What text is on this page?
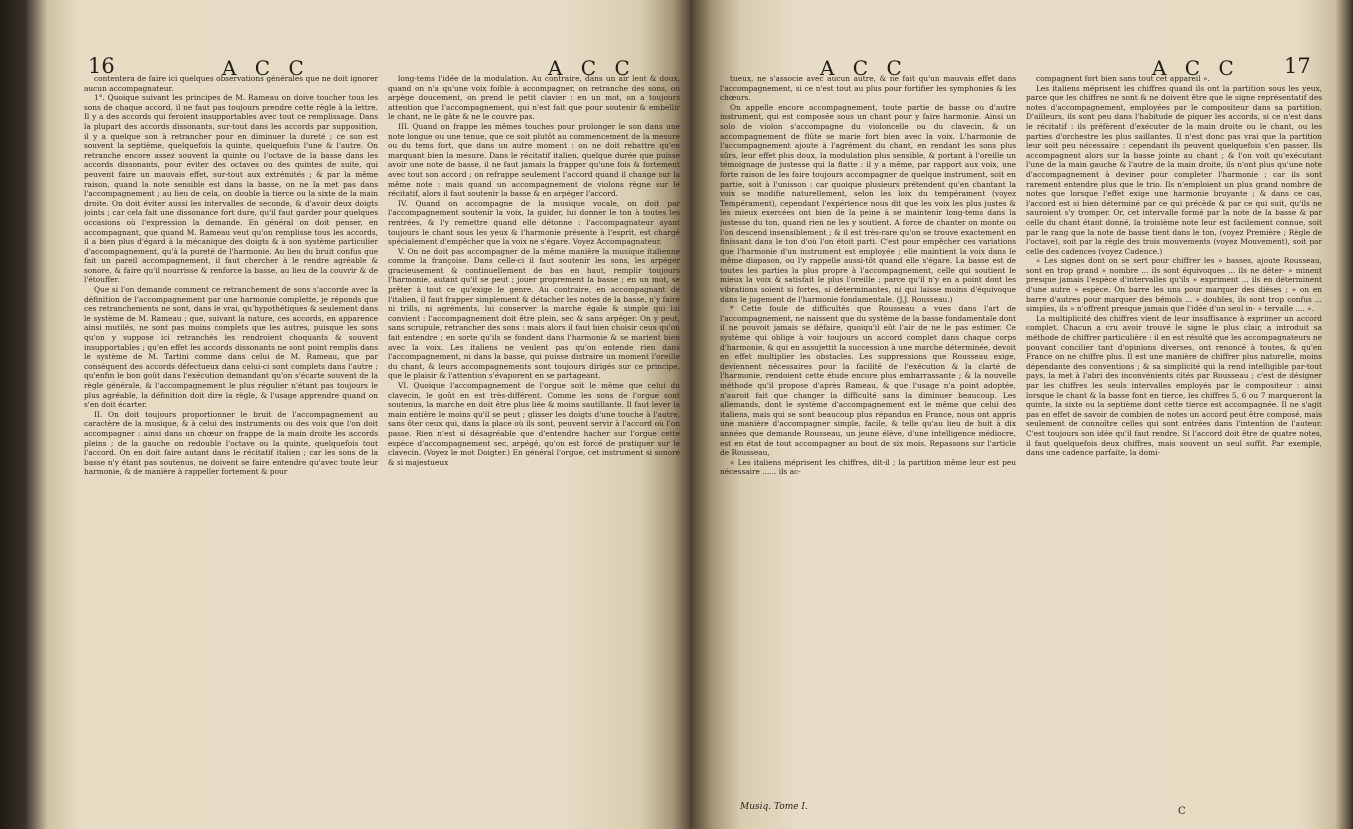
16	A C C	A C C

contentera de faire ici quelques observations générales que ne doit ignorer aucun accompagnateur.

1°. Quoique suivant les principes de M. Rameau on doive toucher tous les sons de chaque accord, il ne faut pas toujours prendre cette règle à la lettre. Il y a des accords qui feroient insupportables avec tout ce remplissage. Dans la plupart des accords dissonants, sur-tout dans les accords par supposition, il y a quelque son à retrancher pour en diminuer la dureté ; ce son est souvent la septième, quelquefois la quinte, quelquefois l'une & l'autre. On retranche encore assez souvent la quinte ou l'octave de la basse dans les accords dissonants, pour éviter des octaves ou des quintes de suite, qui peuvent faire un mauvais effet, sur-tout aux extrémités ; & par la même raison, quand la note sensible est dans la basse, on ne la met pas dans l'accompagnement ; au lieu de cela, on double la tierce ou la sixte de la main droite. On doit éviter aussi les intervalles de seconde, & d'avoir deux doigts joints ; car cela fait une dissonance fort dure, qu'il faut garder pour quelques occasions où l'expression la demande. En général on doit penser, en accompagnant, que quand M. Rameau veut qu'on remplisse tous les accords, il a bien plus d'égard à la mécanique des doigts & à son système particulier d'accompagnement, qu'à la pureté de l'harmonie. Au lieu du bruit confus que fait un pareil accompagnement, il faut chercher à le rendre agréable & sonore, & faire qu'il nourrisse & renforce la basse, au lieu de la couvrir & de l'étouffer.

Que si l'on demande comment ce retranchement de sons s'accorde avec la définition de l'accompagnement par une harmonie complette, je réponds que ces retranchements ne sont, dans le vrai, qu'hypothétiques & seulement dans le système de M. Rameau ; que, suivant la nature, ces accords, en apparence ainsi mutilés, ne sont pas moins complets que les autres, puisque les sons qu'on y suppose ici retranchés les rendroient choquants & souvent insupportables ; qu'en effet les accords dissonants ne sont point remplis dans le système de M. Tartini comme dans celui de M. Rameau, que par conséquent des accords défectueux dans celui-ci sont complets dans l'autre ; qu'enfin le bon goût dans l'exécution demandant qu'on s'écarte souvent de la règle générale, & l'accompagnement le plus régulier n'étant pas toujours le plus agréable, la définition doit dire la règle, & l'usage apprendre quand on s'en doit écarter.

II. On doit toujours proportionner le bruit de l'accompagnement au caractère de la musique, & à celui des instruments ou des voix que l'on doit accompagner : ainsi dans un chœur on frappe de la main droite les accords pleins ; de la gauche on redouble l'octave ou la quinte, quelquefois tout l'accord. On en doit faire autant dans le récitatif italien ; car les sons de la basse n'y étant pas soutenus, ne doivent se faire entendre qu'avec toute leur harmonie, & de manière à rappeller fortement & pour

long-tems l'idée de la modulation. Au contraire, dans un air lent & doux, quand on n'a qu'une voix foible à accompagner, on retranche des sons, on arpège doucement, on prend le petit clavier : en un mot, on a toujours attention que l'accompagnement, qui n'est fait que pour soutenir & embellir le chant, ne le gâte & ne le couvre pas.

III. Quand on frappe les mêmes touches pour prolonger le son dans une note longue ou une tenue, que ce soit plutôt au commencement de la mesure ou du tems fort, que dans un autre moment : on ne doit rebattre qu'en marquant bien la mesure. Dans le récitatif italien, quelque durée que puisse avoir une note de basse, il ne faut jamais la frapper qu'une fois & fortement avec tout son accord ; on refrappe seulement l'accord quand il change sur la même note : mais quand un accompagnement de violons règne sur le récitatif, alors il faut soutenir la basse & en arpéger l'accord.

IV. Quand on accompagne de la musique vocale, on doit par l'accompagnement soutenir la voix, la guider, lui donner le ton à toutes les rentrées, & l'y remettre quand elle détonne : l'accompagnateur ayant toujours le chant sous les yeux & l'harmonie présente à l'esprit, est chargé spécialement d'empêcher que la voix ne s'égare. Voyez Accompagnateur.

V. On ne doit pas accompagner de la même manière la musique italienne comme la françoise. Dans celle-ci il faut soutenir les sons, les arpéger gracieusement & continuellement de bas en haut, remplir toujours l'harmonie, autant qu'il se peut ; jouer proprement la basse ; en un mot, se prêter à tout ce qu'exige le genre. Au contraire, en accompagnant de l'italien, il faut frapper simplement & détacher les notes de la basse, n'y faire ni trills, ni agréments, lui conserver la marche égale & simple qui lui convient : l'accompagnement doit être plein, sec & sans arpéger. On y peut, sans scrupule, retrancher des sons : mais alors il faut bien choisir ceux qu'on fait entendre ; en sorte qu'ils se fondent dans l'harmonie & se marient bien avec la voix. Les italiens ne veulent pas qu'on entende rien dans l'accompagnement, ni dans la basse, qui puisse distraire un moment l'oreille du chant, & leurs accompagnements sont toujours dirigés sur ce principe, que le plaisir & l'attention s'évaporent en se partageant.

VI. Quoique l'accompagnement de l'orgue soit le même que celui du clavecin, le goût en est très-différent. Comme les sons de l'orgue sont soutenus, la marche en doit être plus liée & moins sautillante. Il faut lever la main entière le moins qu'il se peut ; glisser les doigts d'une touche à l'autre, sans ôter ceux qui, dans la place où ils sont, peuvent servir à l'accord où l'on passe. Rien n'est si désagréable que d'entendre hacher sur l'orgue cette espèce d'accompagnement sec, arpégé, qu'on est forcé de pratiquer sur le clavecin. (Voyez le mot Doigter.) En général l'orgue, cet instrument si sonore & si majestueux

A C C	A C C 17

tueux, ne s'associe avec aucun autre, & ne fait qu'un mauvais effet dans l'accompagnement, si ce n'est tout au plus pour fortifier les symphonies & les chœurs.

On appelle encore accompagnement, toute partie de basse ou d'autre instrument, qui est composée sous un chant pour y faire harmonie. Ainsi un solo de violon s'accompagne du violoncelle ou du clavecin, & un accompagnement de flûte se marie fort bien avec la voix. L'harmonie de l'accompagnement ajoute à l'agrément du chant, en rendant les sons plus sûrs, leur effet plus doux, la modulation plus sensible, & portant à l'oreille un témoignage de justesse qui la flatte : il y a même, par rapport aux voix, une forte raison de les faire toujours accompagner de quelque instrument, soit en partie, soit à l'unisson : car quoique plusieurs prétendent qu'en chantant la voix se modifie naturellement, selon les loix du tempérament (voyez Tempérament), cependant l'expérience nous dit que les voix les plus justes & les mieux exercées ont bien de la peine à se maintenir long-tems dans la justesse du ton, quand rien ne les y soutient. A force de chanter on monte ou l'on descend insensiblement ; & il est très-rare qu'on se trouve exactement en finissant dans le ton d'où l'on étoit parti. C'est pour empêcher ces variations que l'harmonie d'un instrument est employée ; elle maintient la voix dans le même diapason, ou l'y rappelle aussi-tôt quand elle s'égare. La basse est de toutes les parties la plus propre à l'accompagnement, celle qui soutient le mieux la voix & satisfait le plus l'oreille ; parce qu'il n'y en a point dont les vibrations soient si fortes, si déterminantes, ni qui laisse moins d'équivoque dans le jugement de l'harmonie fondamentale. (J.J. Rousseau.)

* Cette foule de difficultés que Rousseau a vues dans l'art de l'accompagnement, ne naissent que du système de la basse fondamentale dont il ne pouvoit jamais se défaire, quoiqu'il eût l'air de ne le pas estimer. Ce système qui oblige à voir toujours un accord complet dans chaque corps d'harmonie, & qui en assujettit la succession à une marche déterminée, devoit en effet multiplier les obstacles. Les suppressions que Rousseau exige, deviennent nécessaires pour la facilité de l'exécution & la clarté de l'harmonie, rendoient cette étude encore plus embarrassante ; & la nouvelle méthode qu'il propose d'après Rameau, & que l'usage n'a point adoptée, n'auroit fait que changer la difficulté sans la diminuer beaucoup. Les allemands, dont le système d'accompagnement est le même que celui des italiens, mais qui se sont beaucoup plus répandus en France, nous ont appris une manière d'accompagner simple, facile, & telle qu'au lieu de huit à dix années que demande Rousseau, un jeune élève, d'une intelligence médiocre, est en état de tout accompagner au bout de six mois. Repassons sur l'article de Rousseau,

« Les italiens méprisent les chiffres, dit-il ; la partition même leur est peu nécessaire ...... ils ac-

compagnent fort bien sans tout cet appareil ».

Les italiens méprisent les chiffres quand ils ont la partition sous les yeux, parce que les chiffres ne sont & ne doivent être que le signe représentatif des notes d'accompagnement, employées par le compositeur dans sa partition. D'ailleurs, ils sont peu dans l'habitude de piquer les accords, si ce n'est dans le récitatif : ils préfèrent d'exécuter de la main droite ou le chant, ou les parties d'orchestre les plus saillantes. Il n'est donc pas vrai que la partition leur soit peu nécessaire : cependant ils peuvent quelquefois s'en passer. Ils accompagnent alors sur la basse jointe au chant ; & l'on voit qu'exécutant l'une de la main gauche & l'autre de la main droite, ils n'ont plus qu'une note d'accompagnement à deviner pour completer l'harmonie ; car ils sont rarement entendre plus que le trio. Ils n'emploient un plus grand nombre de notes que lorsque l'effet exige une harmonie bruyante ; & dans ce cas, l'accord est si bien déterminé par ce qui précède & par ce qui suit, qu'ils ne sauroient s'y tromper. Or, cet intervalle formé par la note de la basse & par celle du chant étant donné, la troisième note leur est facilement connue, soit par le rang que la note de basse tient dans le ton, (voyez Première ; Règle de l'octave), soit par la règle des trois mouvements (voyez Mouvement), soit par celle des cadences (voyez Cadence.)

« Les signes dont on se sert pour chiffrer les » basses, ajoute Rousseau, sont en trop grand » nombre ... ils sont équivoques ... ils ne déter- » minent presque jamais l'espèce d'intervalles qu'ils » expriment ... ils en déterminent d'une autre » espèce. On barre les uns pour marquer des dièses ; » on en barre d'autres pour marquer des bémols ... » doubles, ils sont trop confus ... simples, ils » n'offrent presque jamais que l'idée d'un seul in- » tervalle .... ».

La multiplicité des chiffres vient de leur insuffisance à exprimer un accord complet. Chacun a cru avoir trouvé le signe le plus clair, a introduit sa méthode de chiffrer particulière : il en est résulté que les accompagnateurs ne pouvant concilier tant d'opinions diverses, ont renoncé à toutes, & qu'en France on ne chiffre plus. Il est une manière de chiffrer plus naturelle, moins dépendante des conventions ; & sa simplicité qui la rend intelligible par-tout pays, la met à l'abri des inconvénients cités par Rousseau ; c'est de désigner par les chiffres les seuls intervalles employés par le compositeur : ainsi lorsque le chant & la basse font en tierce, les chiffres 5, 6 ou 7 marqueront la quinte, la sixte ou la septième dont cette tierce est accompagnée. Il ne s'agit pas en effet de savoir de combien de notes un accord peut être composé, mais seulement de connoître celles qui sont entrées dans l'intention de l'auteur. C'est toujours son idée qu'il faut rendre. Si l'accord doit être de quatre notes, il faut quelquefois deux chiffres, mais souvent un seul suffit. Par exemple, dans une cadence parfaite, la domi-

Musiq. Tome I.	C
